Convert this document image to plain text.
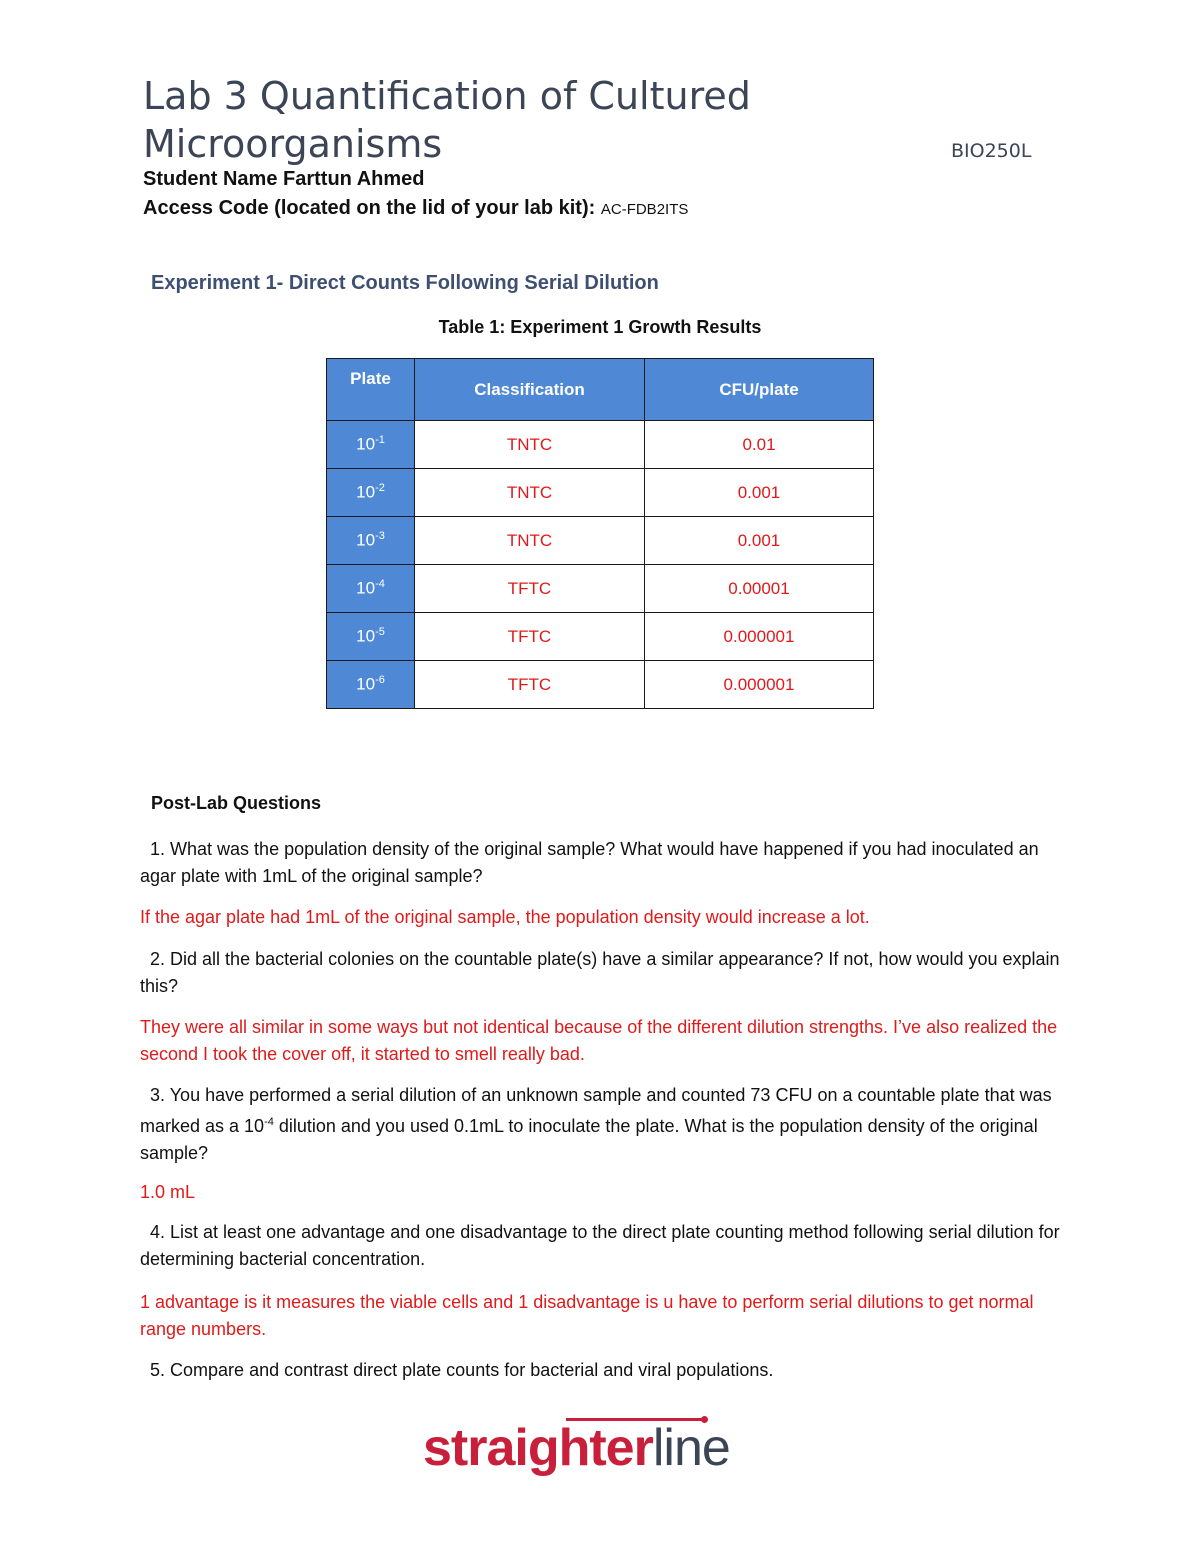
Lab 3 Quantification of Cultured
Microorganisms	BIO250L
Student Name Farttun Ahmed
Access Code (located on the lid of your lab kit): AC-FDB2ITS
Experiment 1- Direct Counts Following Serial Dilution
Table 1: Experiment 1 Growth Results
Plate	Classification	CFU/plate
$10^{-1}$	TNTC	0.01
$10^{-2}$	TNTC	0.001
$10^{-3}$	TNTC	0.001
$10^{-4}$	TFTC	0.00001
$10^{-5}$	TFTC	0.000001
$10^{-6}$	TFTC	0.000001
Post-Lab Questions
1. What was the population density of the original sample? What would have happened if you had inoculated an agar plate with 1mL of the original sample?
If the agar plate had 1mL of the original sample, the population density would increase a lot.
2. Did all the bacterial colonies on the countable plate(s) have a similar appearance? If not, how would you explain this?
They were all similar in some ways but not identical because of the different dilution strengths. I’ve also realized the second I took the cover off, it started to smell really bad.
3. You have performed a serial dilution of an unknown sample and counted 73 CFU on a countable plate that was marked as a $10^{-4}$ dilution and you used 0.1mL to inoculate the plate. What is the population density of the original sample?
1.0 mL
4. List at least one advantage and one disadvantage to the direct plate counting method following serial dilution for determining bacterial concentration.
1 advantage is it measures the viable cells and 1 disadvantage is u have to perform serial dilutions to get normal range numbers.
5. Compare and contrast direct plate counts for bacterial and viral populations.
straighterline
